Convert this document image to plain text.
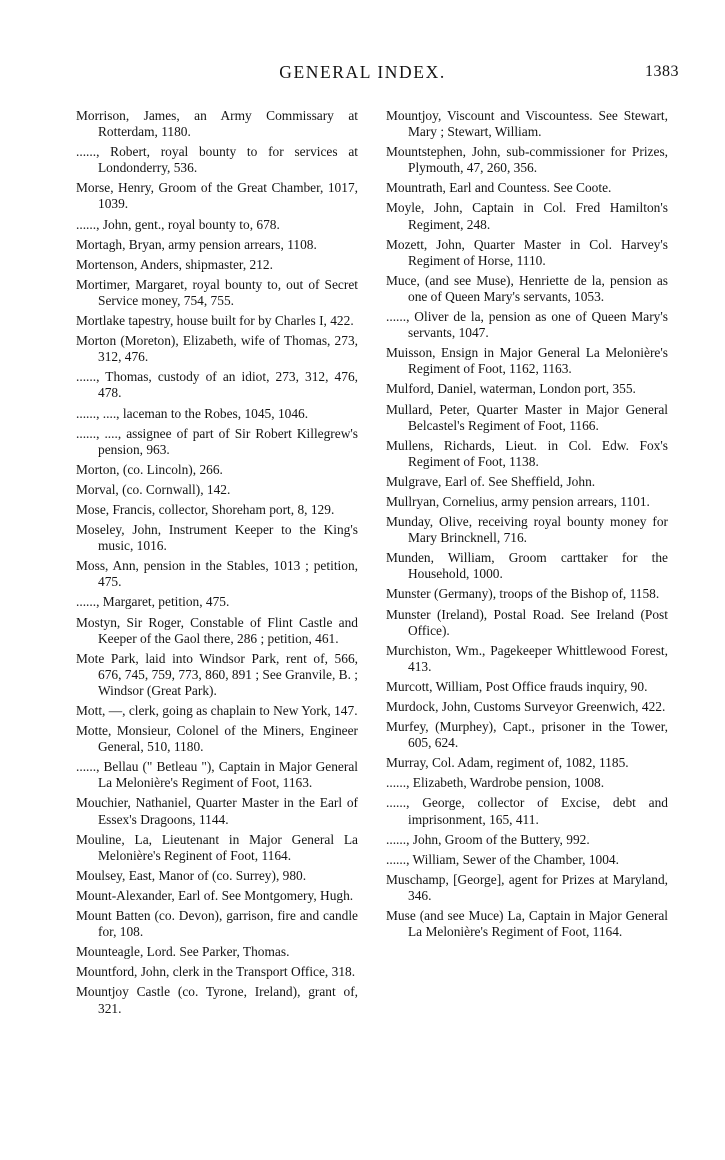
GENERAL INDEX.	1383
Morrison, James, an Army Commissary at Rotterdam, 1180.
......, Robert, royal bounty to for services at Londonderry, 536.
Morse, Henry, Groom of the Great Chamber, 1017, 1039.
......, John, gent., royal bounty to, 678.
Mortagh, Bryan, army pension arrears, 1108.
Mortenson, Anders, shipmaster, 212.
Mortimer, Margaret, royal bounty to, out of Secret Service money, 754, 755.
Mortlake tapestry, house built for by Charles I, 422.
Morton (Moreton), Elizabeth, wife of Thomas, 273, 312, 476.
......, Thomas, custody of an idiot, 273, 312, 476, 478.
......, ...., laceman to the Robes, 1045, 1046.
......, ...., assignee of part of Sir Robert Killegrew's pension, 963.
Morton, (co. Lincoln), 266.
Morval, (co. Cornwall), 142.
Mose, Francis, collector, Shoreham port, 8, 129.
Moseley, John, Instrument Keeper to the King's music, 1016.
Moss, Ann, pension in the Stables, 1013 ; petition, 475.
......, Margaret, petition, 475.
Mostyn, Sir Roger, Constable of Flint Castle and Keeper of the Gaol there, 286 ; petition, 461.
Mote Park, laid into Windsor Park, rent of, 566, 676, 745, 759, 773, 860, 891 ; See Granvile, B. ; Windsor (Great Park).
Mott, —, clerk, going as chaplain to New York, 147.
Motte, Monsieur, Colonel of the Miners, Engineer General, 510, 1180.
......, Bellau (" Betleau "), Captain in Major General La Melonière's Regiment of Foot, 1163.
Mouchier, Nathaniel, Quarter Master in the Earl of Essex's Dragoons, 1144.
Mouline, La, Lieutenant in Major General La Melonière's Reginent of Foot, 1164.
Moulsey, East, Manor of (co. Surrey), 980.
Mount-Alexander, Earl of. See Montgomery, Hugh.
Mount Batten (co. Devon), garrison, fire and candle for, 108.
Mounteagle, Lord. See Parker, Thomas.
Mountford, John, clerk in the Transport Office, 318.
Mountjoy Castle (co. Tyrone, Ireland), grant of, 321.
Mountjoy, Viscount and Viscountess. See Stewart, Mary ; Stewart, William.
Mountstephen, John, sub-commissioner for Prizes, Plymouth, 47, 260, 356.
Mountrath, Earl and Countess. See Coote.
Moyle, John, Captain in Col. Fred Hamilton's Regiment, 248.
Mozett, John, Quarter Master in Col. Harvey's Regiment of Horse, 1110.
Muce, (and see Muse), Henriette de la, pension as one of Queen Mary's servants, 1053.
......, Oliver de la, pension as one of Queen Mary's servants, 1047.
Muisson, Ensign in Major General La Melonière's Regiment of Foot, 1162, 1163.
Mulford, Daniel, waterman, London port, 355.
Mullard, Peter, Quarter Master in Major General Belcastel's Regiment of Foot, 1166.
Mullens, Richards, Lieut. in Col. Edw. Fox's Regiment of Foot, 1138.
Mulgrave, Earl of. See Sheffield, John.
Mullryan, Cornelius, army pension arrears, 1101.
Munday, Olive, receiving royal bounty money for Mary Brincknell, 716.
Munden, William, Groom carttaker for the Household, 1000.
Munster (Germany), troops of the Bishop of, 1158.
Munster (Ireland), Postal Road. See Ireland (Post Office).
Murchiston, Wm., Pagekeeper Whittlewood Forest, 413.
Murcott, William, Post Office frauds inquiry, 90.
Murdock, John, Customs Surveyor Greenwich, 422.
Murfey, (Murphey), Capt., prisoner in the Tower, 605, 624.
Murray, Col. Adam, regiment of, 1082, 1185.
......, Elizabeth, Wardrobe pension, 1008.
......, George, collector of Excise, debt and imprisonment, 165, 411.
......, John, Groom of the Buttery, 992.
......, William, Sewer of the Chamber, 1004.
Muschamp, [George], agent for Prizes at Maryland, 346.
Muse (and see Muce) La, Captain in Major General La Melonière's Regiment of Foot, 1164.
